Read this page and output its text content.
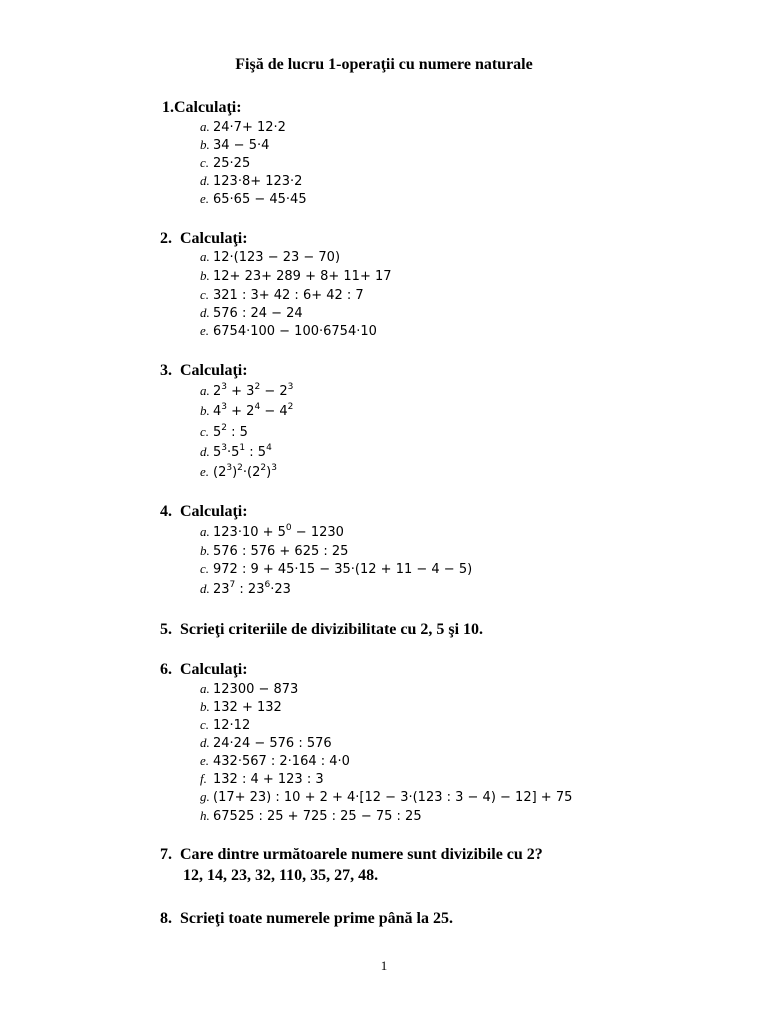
Fişă de lucru 1-operaţii cu numere naturale
1.Calculaţi:
a. 24·7+ 12·2
b. 34 − 5·4
c. 25·25
d. 123·8+ 123·2
e. 65·65 − 45·45
2. Calculaţi:
a. 12·(123 − 23 − 70)
b. 12+ 23+ 289 + 8+ 11+ 17
c. 321 : 3+ 42 : 6+ 42 : 7
d. 576 : 24 − 24
e. 6754·100 − 100·6754·10
3. Calculaţi:
a. $2^3 + 3^2 - 2^3$
b. $4^3 + 2^4 - 4^2$
c. $5^2$ : 5
d. $5^3\cdot 5^1$ : $5^4$
e. $(2^3)^2\cdot(2^2)^3$
4. Calculaţi:
a. $123\cdot 10 + 5^0 - 1230$
b. 576 : 576 + 625 : 25
c. 972 : 9 + 45·15 − 35·(12 + 11 − 4 − 5)
d. $23^7$ : $23^6\cdot 23$
5. Scrieţi criteriile de divizibilitate cu 2, 5 şi 10.
6. Calculaţi:
a. 12300 − 873
b. 132 + 132
c. 12·12
d. 24·24 − 576 : 576
e. 432·567 : 2·164 : 4·0
f. 132 : 4 + 123 : 3
g. (17+ 23) : 10 + 2 + 4·[12 − 3·(123 : 3 − 4) − 12] + 75
h. 67525 : 25 + 725 : 25 − 75 : 25
7. Care dintre următoarele numere sunt divizibile cu 2?
12, 14, 23, 32, 110, 35, 27, 48.
8. Scrieţi toate numerele prime până la 25.
1
